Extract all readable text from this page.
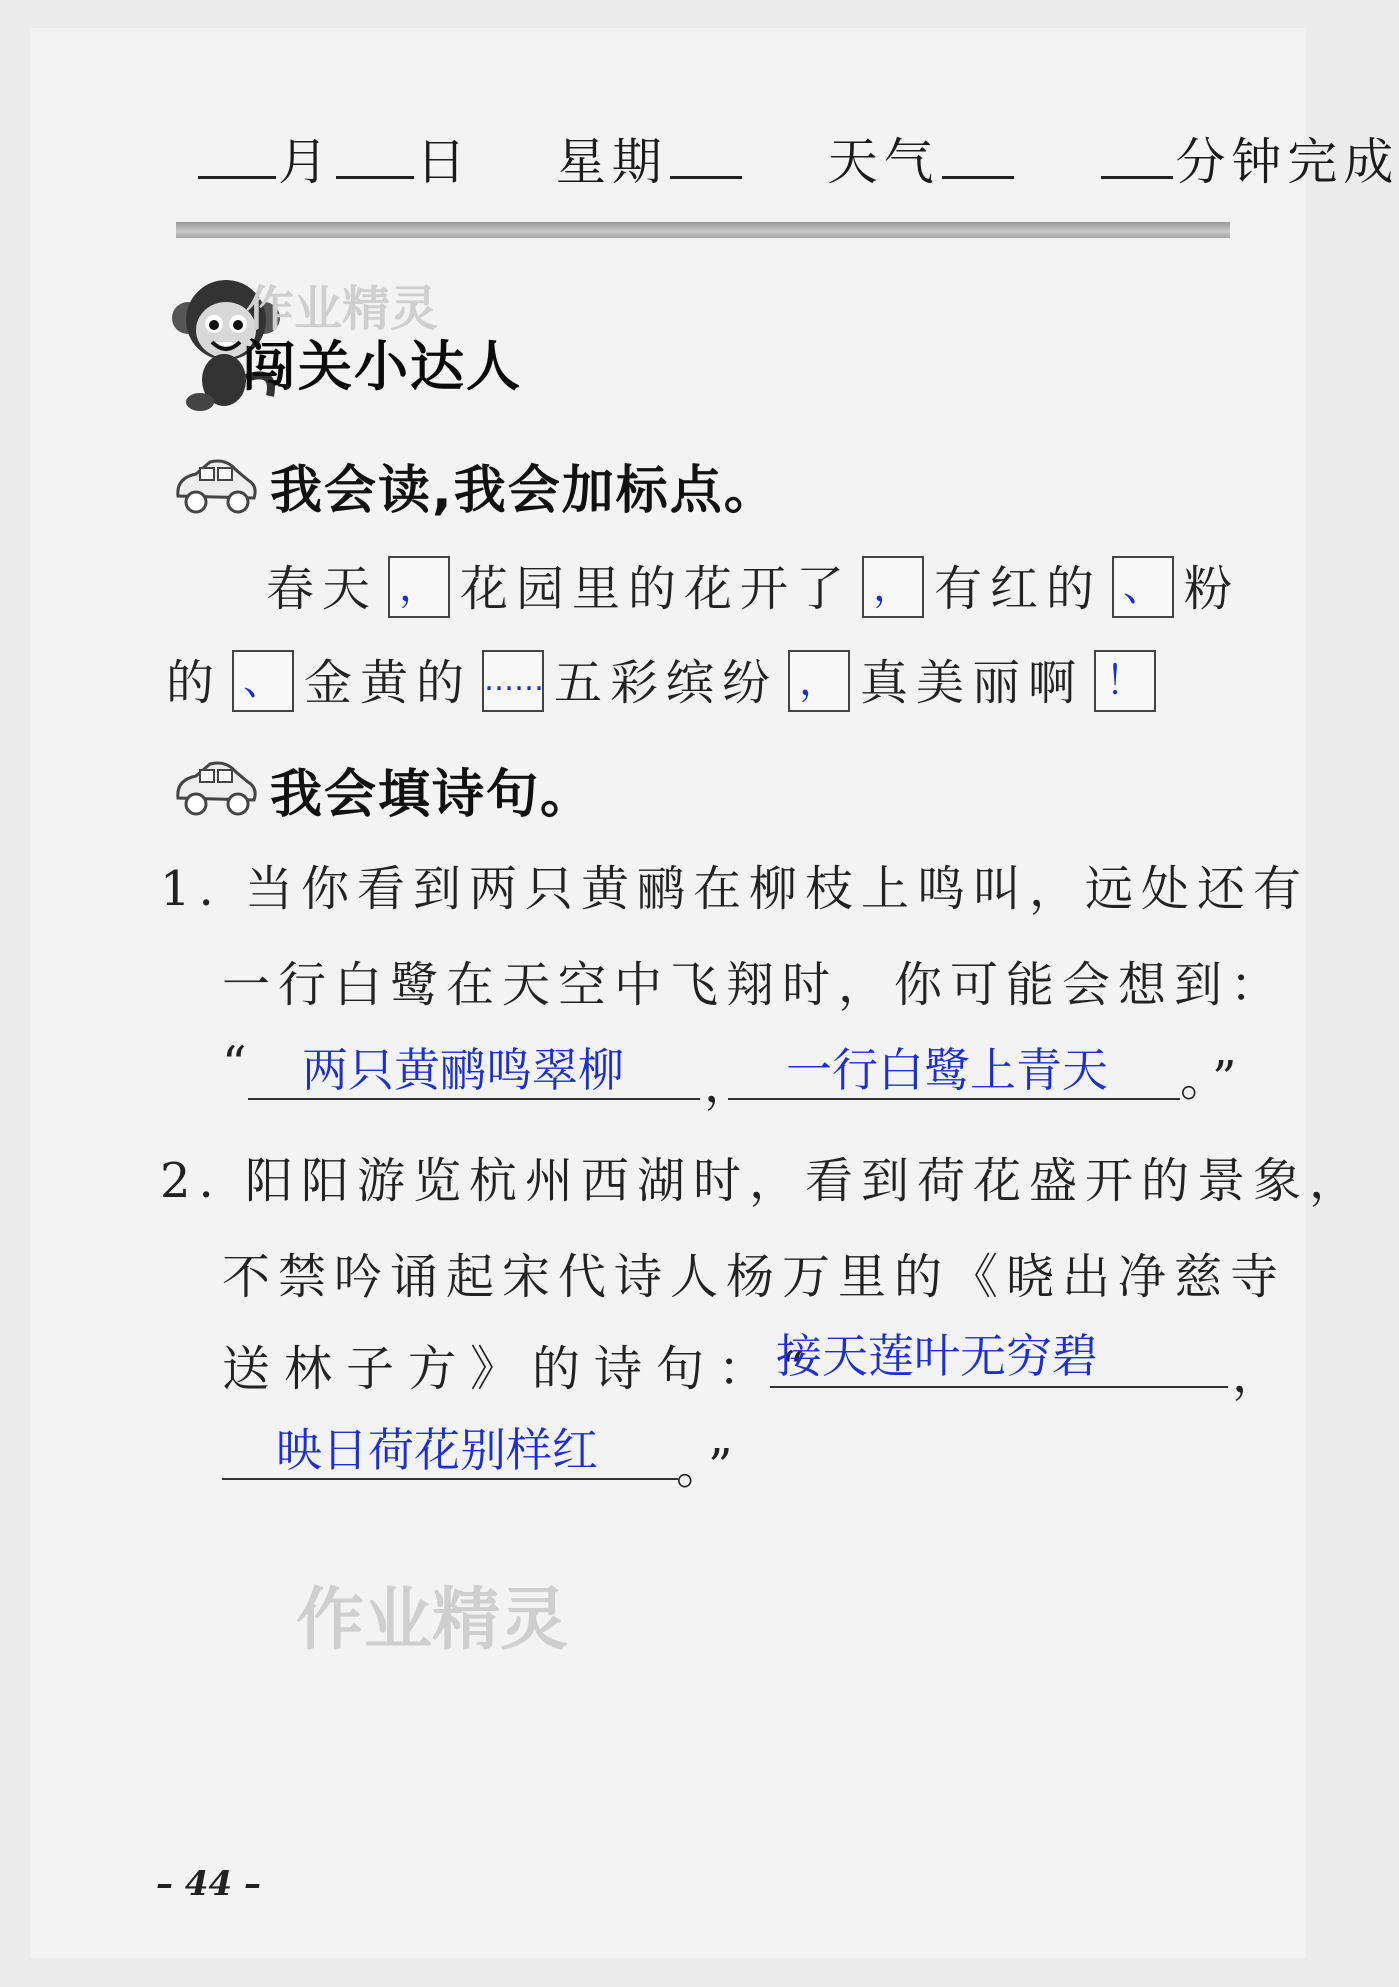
月 日 星期	天气	分钟完成
作业精灵
闯关小达人
我会读,我会加标点。
春天 ， 花园里的花开了 ， 有红的 、 粉
的 、 金黄的 …… 五彩缤纷 ， 真美丽啊 ！
我会填诗句。
1. 当你看到两只黄鹂在柳枝上鸣叫，远处还有
一行白鹭在天空中飞翔时，你可能会想到：
“ 两只黄鹂鸣翠柳 ， 一行白鹭上青天 。”
2. 阳阳游览杭州西湖时，看到荷花盛开的景象，
不禁吟诵起宋代诗人杨万里的《晓出净慈寺
送林子方》的诗句：“
接天莲叶无穷碧	，
映日荷花别样红 。”
作业精灵
– 44 –
